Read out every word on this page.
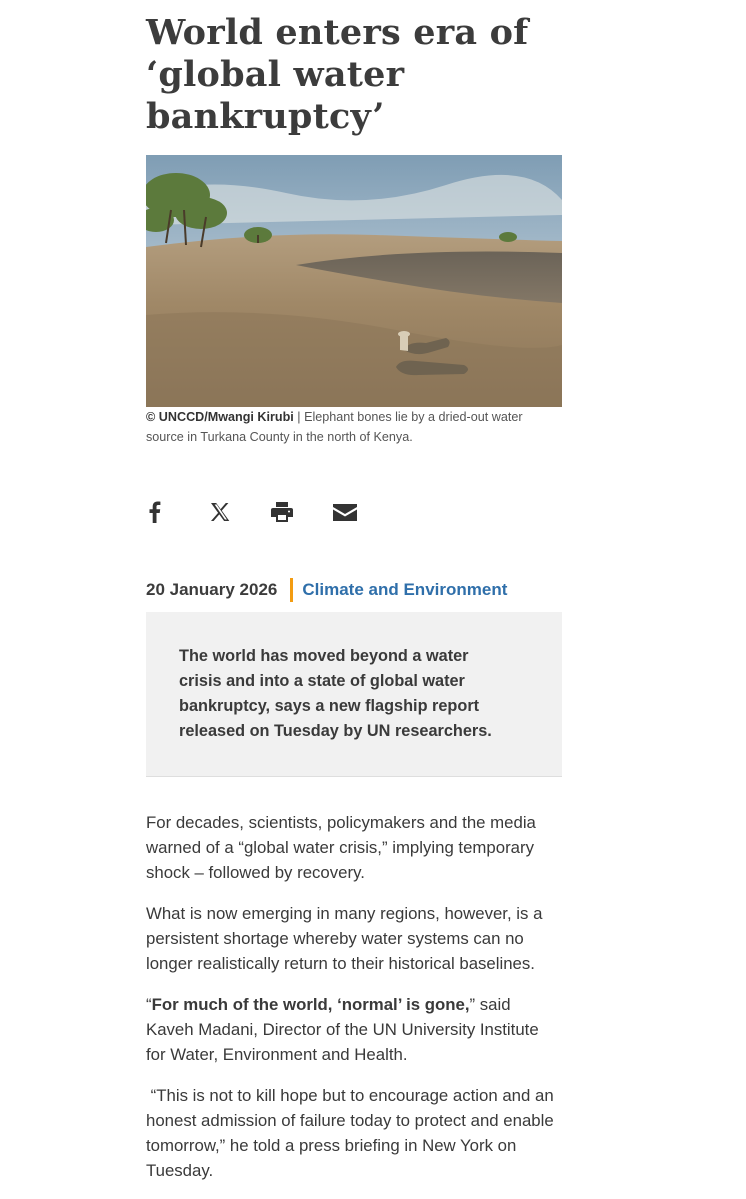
World enters era of
‘global water
bankruptcy’
© UNCCD/Mwangi Kirubi | Elephant bones lie by a dried-out water source in Turkana County in the north of Kenya.
20 January 2026 Climate and Environment

The world has moved beyond a water crisis and into a state of global water bankruptcy, says a new flagship report released on Tuesday by UN researchers.

For decades, scientists, policymakers and the media warned of a “global water crisis,” implying temporary shock – followed by recovery.

What is now emerging in many regions, however, is a persistent shortage whereby water systems can no longer realistically return to their historical baselines.

“For much of the world, ‘normal’ is gone,” said Kaveh Madani, Director of the UN University Institute for Water, Environment and Health.

“This is not to kill hope but to encourage action and an honest admission of failure today to protect and enable tomorrow,” he told a press briefing in New York on Tuesday.
